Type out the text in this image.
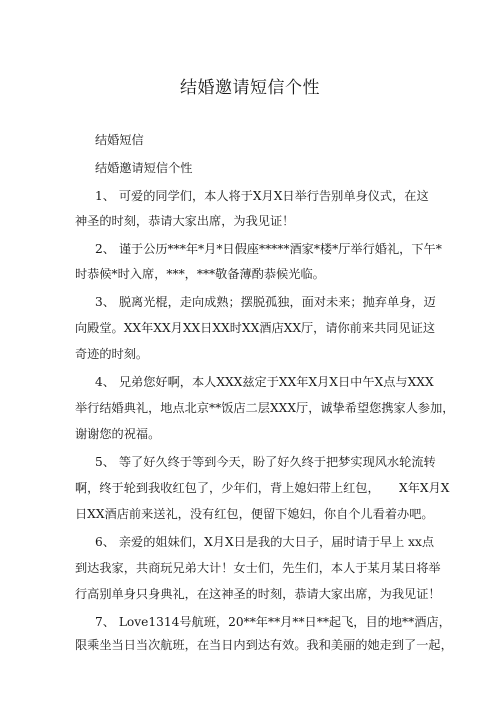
结婚邀请短信个性
结婚短信
结婚邀请短信个性
1、 可爱的同学们，本人将于X月X日举行告别单身仪式，在这
神圣的时刻，恭请大家出席，为我见证！
2、 谨于公历***年*月*日假座*****酒家*楼*厅举行婚礼，下午*
时恭候*时入席，***，***敬备薄酌恭候光临。
3、 脱离光棍，走向成熟；摆脱孤独，面对未来；抛弃单身，迈
向殿堂。XX年XX月XX日XX时XX酒店XX厅，请你前来共同见证这
奇迹的时刻。
4、 兄弟您好啊，本人XXX兹定于XX年X月X日中午X点与XXX
举行结婚典礼，地点北京**饭店二层XXX厅，诚挚希望您携家人参加，
谢谢您的祝福。
5、 等了好久终于等到今天，盼了好久终于把梦实现风水轮流转
啊，终于轮到我收红包了，少年们，背上媳妇带上红包，     X年X月X
日XX酒店前来送礼，没有红包，便留下媳妇，你自个儿看着办吧。
6、 亲爱的姐妹们，X月X日是我的大日子，届时请于早上 xx点
到达我家，共商玩兄弟大计！女士们，先生们，本人于某月某日将举
行高别单身只身典礼，在这神圣的时刻，恭请大家出席，为我见证！
7、 Love1314号航班，20**年**月**日**起飞，目的地**酒店，
限乘坐当日当次航班，在当日内到达有效。我和美丽的她走到了一起，
